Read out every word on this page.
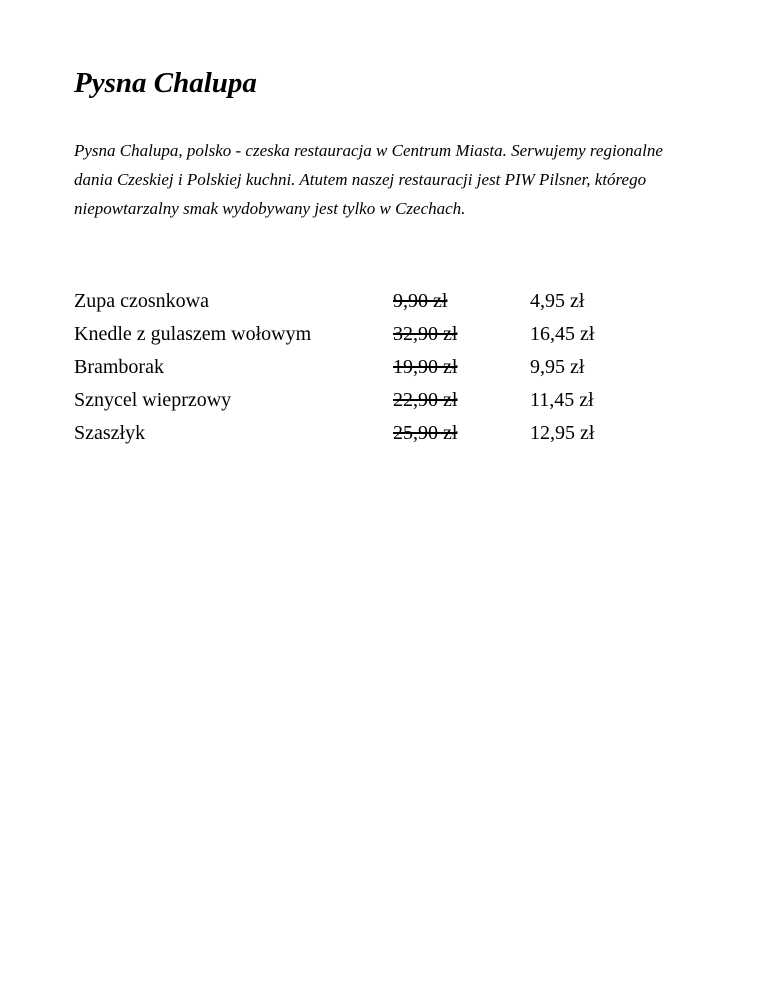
Pysna Chalupa

Pysna Chalupa, polsko - czeska restauracja w Centrum Miasta. Serwujemy regionalne dania Czeskiej i Polskiej kuchni. Atutem naszej restauracji jest PIW Pilsner, którego niepowtarzalny smak wydobywany jest tylko w Czechach.

Zupa czosnkowa	9,90 zł	4,95 zł
Knedle z gulaszem wołowym	32,90 zł	16,45 zł
Bramborak	19,90 zł	9,95 zł
Sznycel wieprzowy	22,90 zł	11,45 zł
Szaszłyk	25,90 zł	12,95 zł
